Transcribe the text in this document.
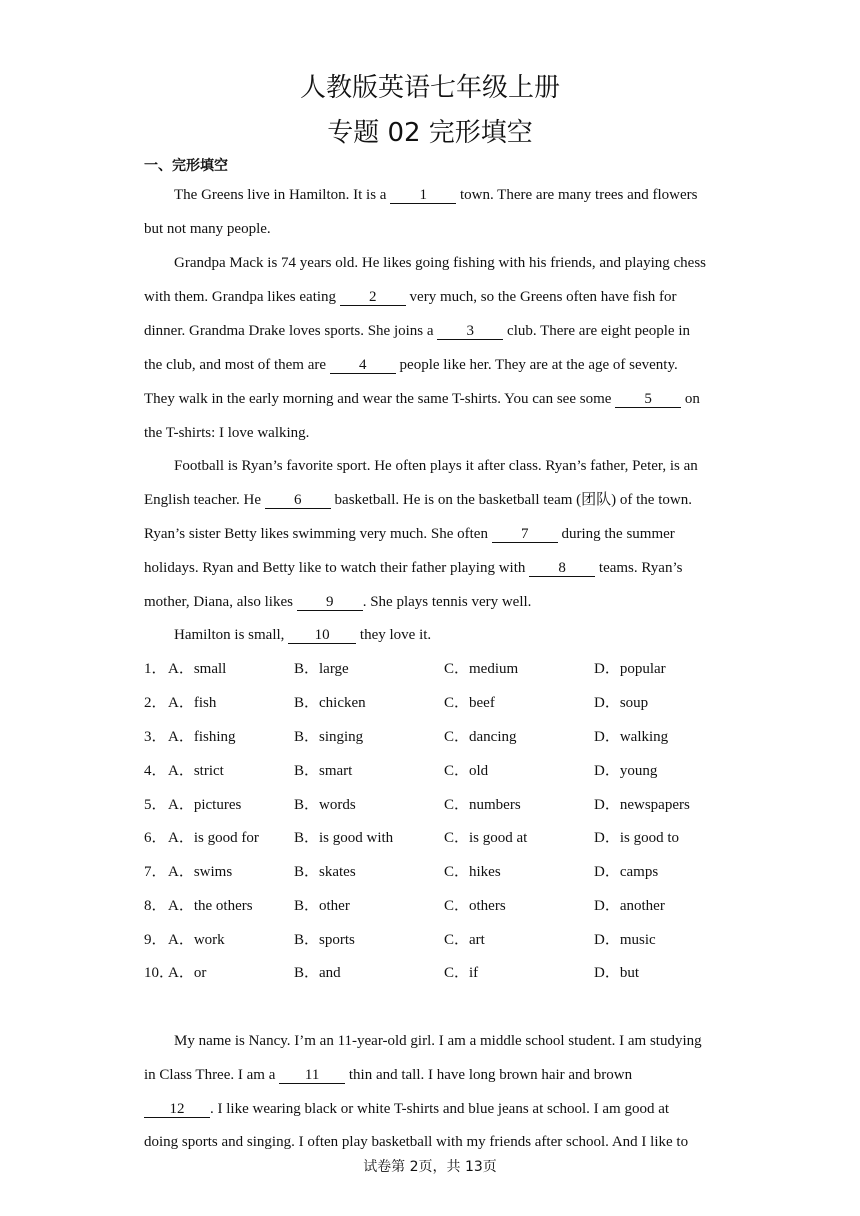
人教版英语七年级上册
专题 02 完形填空
一、完形填空
The Greens live in Hamilton. It is a 1 town. There are many trees and flowers
but not many people.
Grandpa Mack is 74 years old. He likes going fishing with his friends, and playing chess
with them. Grandpa likes eating 2 very much, so the Greens often have fish for
dinner. Grandma Drake loves sports. She joins a 3 club. There are eight people in
the club, and most of them are 4 people like her. They are at the age of seventy.
They walk in the early morning and wear the same T-shirts. You can see some 5 on
the T-shirts: I love walking.
Football is Ryan’s favorite sport. He often plays it after class. Ryan’s father, Peter, is an
English teacher. He 6 basketball. He is on the basketball team (团队) of the town.
Ryan’s sister Betty likes swimming very much. She often 7 during the summer
holidays. Ryan and Betty like to watch their father playing with 8 teams. Ryan’s
mother, Diana, also likes 9 . She plays tennis very well.
Hamilton is small, 10 they love it.
1． A．small	B．large	C．medium	D．popular
2． A．fish	B．chicken	C．beef	D．soup
3． A．fishing	B．singing	C．dancing	D．walking
4． A．strict	B．smart	C．old	D．young
5． A．pictures	B．words	C．numbers	D．newspapers
6． A．is good for B．is good with	C．is good at	D．is good to
7． A．swims	B．skates	C．hikes	D．camps
8． A．the others	B．other	C．others	D．another
9． A．work	B．sports	C．art	D．music
10．
A．or	B．and	C．if	D．but
My name is Nancy. I’m an 11-year-old girl. I am a middle school student. I am studying
in Class Three. I am a 11 thin and tall. I have long brown hair and brown
12 . I like wearing black or white T-shirts and blue jeans at school. I am good at
doing sports and singing. I often play basketball with my friends after school. And I like to
试卷第 2页，共 13页
